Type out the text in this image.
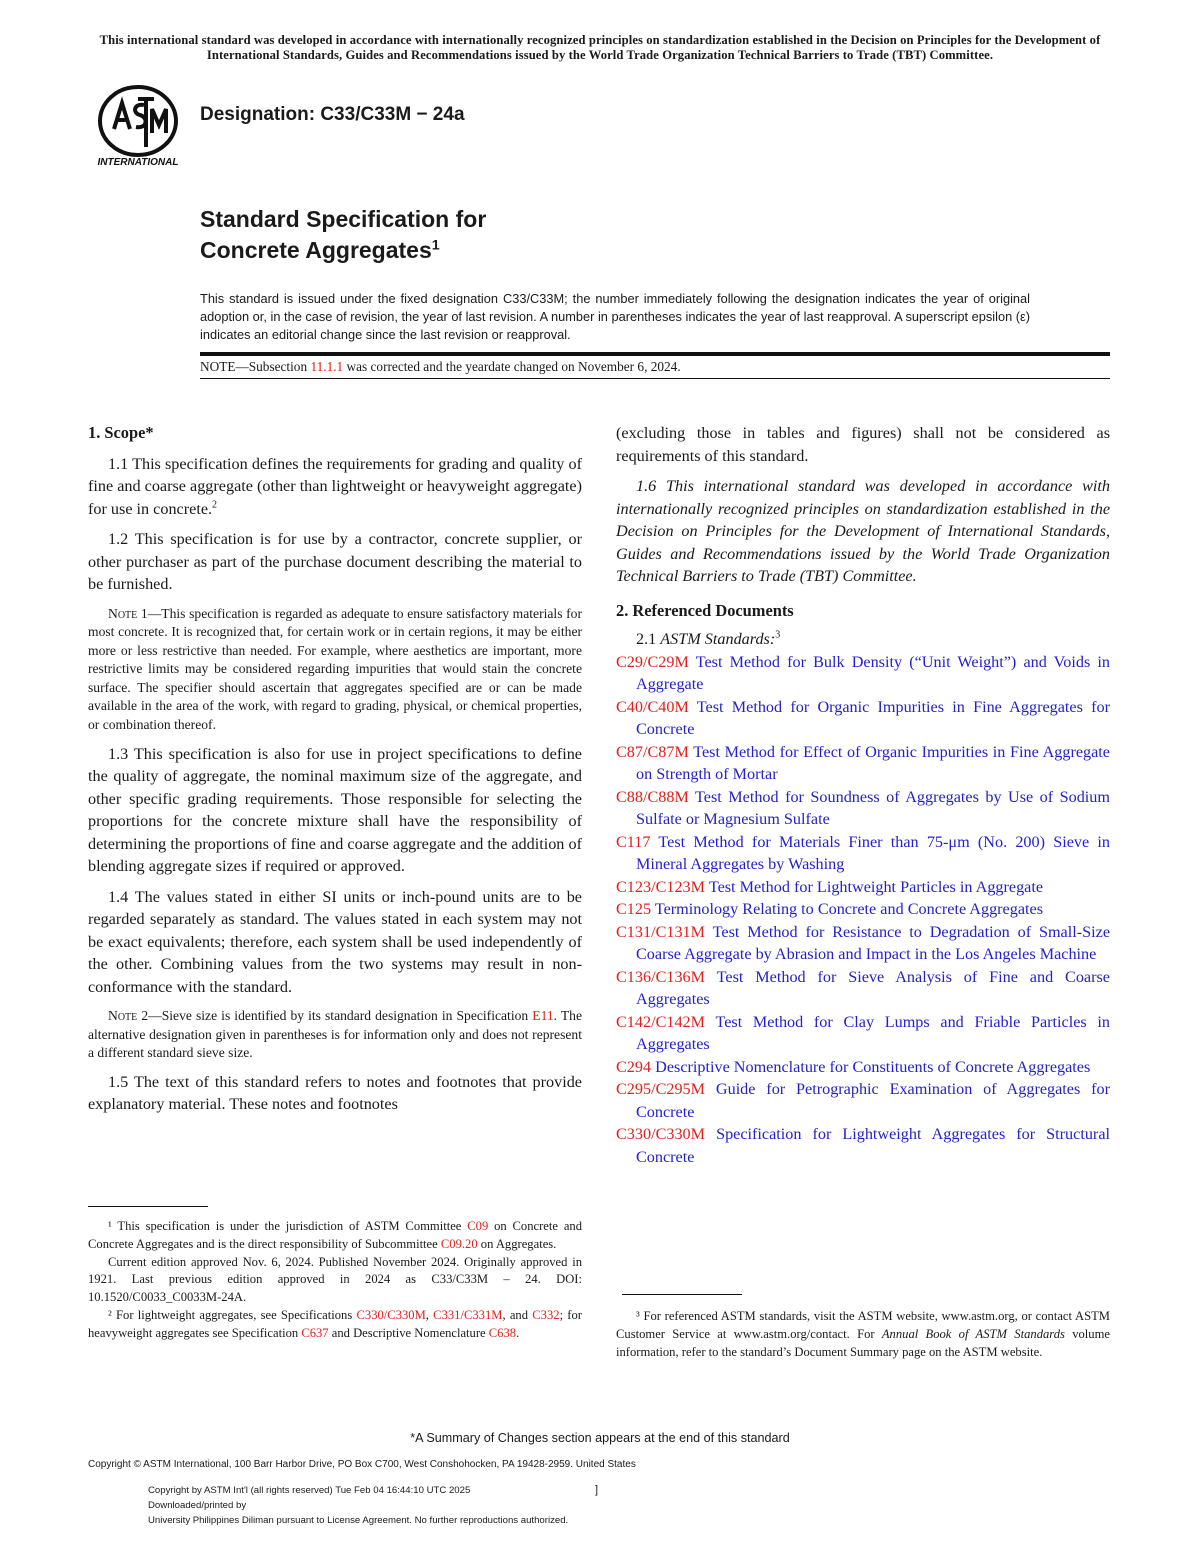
This international standard was developed in accordance with internationally recognized principles on standardization established in the Decision on Principles for the Development of International Standards, Guides and Recommendations issued by the World Trade Organization Technical Barriers to Trade (TBT) Committee.
INTERNATIONAL
Designation: C33/C33M − 24a
Standard Specification for
Concrete Aggregates$^1$
This standard is issued under the fixed designation C33/C33M; the number immediately following the designation indicates the year of original adoption or, in the case of revision, the year of last revision. A number in parentheses indicates the year of last reapproval. A superscript epsilon (ε) indicates an editorial change since the last revision or reapproval.
NOTE—Subsection 11.1.1 was corrected and the yeardate changed on November 6, 2024.
1. Scope*

1.1 This specification defines the requirements for grading and quality of fine and coarse aggregate (other than lightweight or heavyweight aggregate) for use in concrete.$^2$

1.2 This specification is for use by a contractor, concrete supplier, or other purchaser as part of the purchase document describing the material to be furnished.

Note 1—This specification is regarded as adequate to ensure satisfactory materials for most concrete. It is recognized that, for certain work or in certain regions, it may be either more or less restrictive than needed. For example, where aesthetics are important, more restrictive limits may be considered regarding impurities that would stain the concrete surface. The specifier should ascertain that aggregates specified are or can be made available in the area of the work, with regard to grading, physical, or chemical properties, or combination thereof.

1.3 This specification is also for use in project specifications to define the quality of aggregate, the nominal maximum size of the aggregate, and other specific grading requirements. Those responsible for selecting the proportions for the concrete mixture shall have the responsibility of determining the proportions of fine and coarse aggregate and the addition of blending aggregate sizes if required or approved.

1.4 The values stated in either SI units or inch-pound units are to be regarded separately as standard. The values stated in each system may not be exact equivalents; therefore, each system shall be used independently of the other. Combining values from the two systems may result in non-conformance with the standard.

Note 2—Sieve size is identified by its standard designation in Specification E11. The alternative designation given in parentheses is for information only and does not represent a different standard sieve size.

1.5 The text of this standard refers to notes and footnotes that provide explanatory material. These notes and footnotes

¹ This specification is under the jurisdiction of ASTM Committee C09 on Concrete and Concrete Aggregates and is the direct responsibility of Subcommittee C09.20 on Aggregates.

Current edition approved Nov. 6, 2024. Published November 2024. Originally approved in 1921. Last previous edition approved in 2024 as C33/C33M – 24. DOI: 10.1520/C0033_C0033M-24A.

² For lightweight aggregates, see Specifications C330/C330M, C331/C331M, and C332; for heavyweight aggregates see Specification C637 and Descriptive Nomenclature C638.

(excluding those in tables and figures) shall not be considered as requirements of this standard.

1.6 This international standard was developed in accordance with internationally recognized principles on standardization established in the Decision on Principles for the Development of International Standards, Guides and Recommendations issued by the World Trade Organization Technical Barriers to Trade (TBT) Committee.

2. Referenced Documents

2.1 ASTM Standards:$^3$

C29/C29M Test Method for Bulk Density (“Unit Weight”) and Voids in Aggregate

C40/C40M Test Method for Organic Impurities in Fine Aggregates for Concrete

C87/C87M Test Method for Effect of Organic Impurities in Fine Aggregate on Strength of Mortar

C88/C88M Test Method for Soundness of Aggregates by Use of Sodium Sulfate or Magnesium Sulfate

C117 Test Method for Materials Finer than 75-μm (No. 200) Sieve in Mineral Aggregates by Washing

C123/C123M Test Method for Lightweight Particles in Aggregate

C125 Terminology Relating to Concrete and Concrete Aggregates

C131/C131M Test Method for Resistance to Degradation of Small-Size Coarse Aggregate by Abrasion and Impact in the Los Angeles Machine

C136/C136M Test Method for Sieve Analysis of Fine and Coarse Aggregates

C142/C142M Test Method for Clay Lumps and Friable Particles in Aggregates

C294 Descriptive Nomenclature for Constituents of Concrete Aggregates

C295/C295M Guide for Petrographic Examination of Aggregates for Concrete

C330/C330M Specification for Lightweight Aggregates for Structural Concrete

³ For referenced ASTM standards, visit the ASTM website, www.astm.org, or contact ASTM Customer Service at www.astm.org/contact. For Annual Book of ASTM Standards volume information, refer to the standard’s Document Summary page on the ASTM website.

*A Summary of Changes section appears at the end of this standard
Copyright © ASTM International, 100 Barr Harbor Drive, PO Box C700, West Conshohocken, PA 19428-2959. United States
Copyright by ASTM Int'l (all rights reserved) Tue Feb 04 16:44:10 UTC 2025
Downloaded/printed by
University Philippines Diliman pursuant to License Agreement. No further reproductions authorized.
]
